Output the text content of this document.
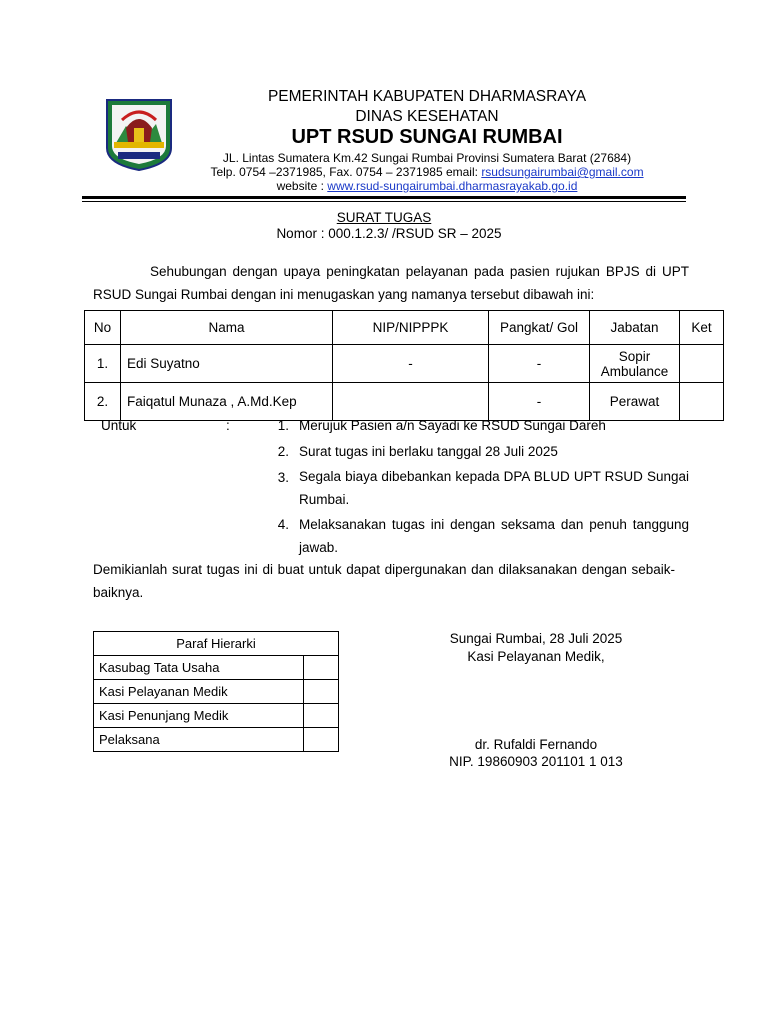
PEMERINTAH KABUPATEN DHARMASRAYA
DINAS KESEHATAN
UPT RSUD SUNGAI RUMBAI
JL. Lintas Sumatera Km.42 Sungai Rumbai Provinsi Sumatera Barat (27684)
Telp. 0754 –2371985, Fax. 0754 – 2371985 email: rsudsungairumbai@gmail.com
website : www.rsud-sungairumbai.dharmasrayakab.go.id
SURAT TUGAS
Nomor : 000.1.2.3/ /RSUD SR – 2025
Sehubungan dengan upaya peningkatan pelayanan pada pasien rujukan BPJS di UPT RSUD Sungai Rumbai dengan ini menugaskan yang namanya tersebut dibawah ini:
No	Nama	NIP/NIPPPK	Pangkat/ Gol	Jabatan	Ket
1.	Edi Suyatno	-	-	Sopir Ambulance	
2.	Faiqatul Munaza , A.Md.Kep		-	Perawat	
Untuk	:	1. Merujuk Pasien a/n Sayadi ke RSUD Sungai Dareh
2. Surat tugas ini berlaku tanggal 28 Juli 2025
3. Segala biaya dibebankan kepada DPA BLUD UPT RSUD Sungai Rumbai.
4. Melaksanakan tugas ini dengan seksama dan penuh tanggung jawab.
Demikianlah surat tugas ini di buat untuk dapat dipergunakan dan dilaksanakan dengan sebaik-baiknya.
Paraf Hierarki	
Kasubag Tata Usaha	
Kasi Pelayanan Medik	
Kasi Penunjang Medik	
Pelaksana	
Sungai Rumbai, 28 Juli 2025
Kasi Pelayanan Medik,
dr. Rufaldi Fernando
NIP. 19860903 201101 1 013
